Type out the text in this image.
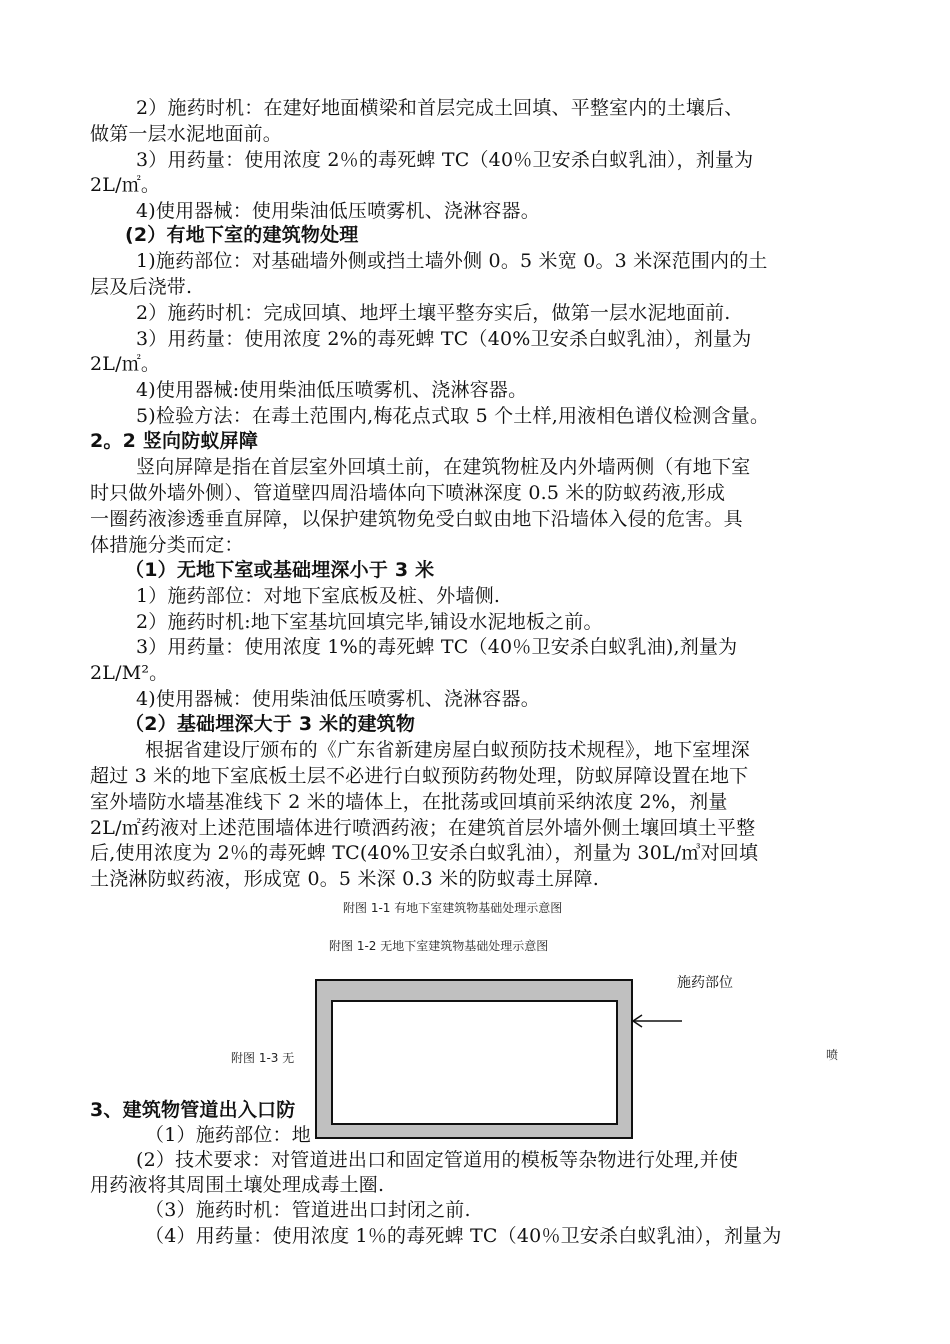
2）施药时机：在建好地面横梁和首层完成土回填、平整室内的土壤后、
做第一层水泥地面前。
3）用药量：使用浓度 2％的毒死蜱 TC（40％卫安杀白蚁乳油），剂量为
2L/㎡。
4)使用器械：使用柴油低压喷雾机、浇淋容器。
(2）有地下室的建筑物处理
1)施药部位：对基础墙外侧或挡土墙外侧 0。5 米宽 0。3 米深范围内的土
层及后浇带.
2）施药时机：完成回填、地坪土壤平整夯实后，做第一层水泥地面前.
3）用药量：使用浓度 2%的毒死蜱 TC（40%卫安杀白蚁乳油），剂量为
2L/㎡。
4)使用器械:使用柴油低压喷雾机、浇淋容器。
5)检验方法：在毒土范围内,梅花点式取 5 个土样,用液相色谱仪检测含量。
2。2 竖向防蚁屏障
竖向屏障是指在首层室外回填土前，在建筑物桩及内外墙两侧（有地下室
时只做外墙外侧）、管道壁四周沿墙体向下喷淋深度 0.5 米的防蚁药液,形成
一圈药液渗透垂直屏障，以保护建筑物免受白蚁由地下沿墙体入侵的危害。具
体措施分类而定：
（1）无地下室或基础埋深小于 3 米
1）施药部位：对地下室底板及桩、外墙侧.
2）施药时机:地下室基坑回填完毕,铺设水泥地板之前。
3）用药量：使用浓度 1%的毒死蜱 TC（40％卫安杀白蚁乳油),剂量为
2L/M²。
4)使用器械：使用柴油低压喷雾机、浇淋容器。
（2）基础埋深大于 3 米的建筑物
根据省建设厅颁布的《广东省新建房屋白蚁预防技术规程》，地下室埋深
超过 3 米的地下室底板土层不必进行白蚁预防药物处理，防蚁屏障设置在地下
室外墙防水墙基准线下 2 米的墙体上，在批荡或回填前采纳浓度 2%，剂量
2L/㎡药液对上述范围墙体进行喷洒药液；在建筑首层外墙外侧土壤回填土平整
后,使用浓度为 2％的毒死蜱 TC(40%卫安杀白蚁乳油），剂量为 30L/㎥对回填
土浇淋防蚁药液，形成宽 0。5 米深 0.3 米的防蚁毒土屏障.
附图 1-1 有地下室建筑物基础处理示意图
附图 1-2 无地下室建筑物基础处理示意图
附图 1-3 无
3、建筑物管道出入口防
（1）施药部位：地
施药部位
喷
(2）技术要求：对管道进出口和固定管道用的模板等杂物进行处理,并使
用药液将其周围土壤处理成毒土圈.
（3）施药时机：管道进出口封闭之前.
（4）用药量：使用浓度 1％的毒死蜱 TC（40％卫安杀白蚁乳油），剂量为
